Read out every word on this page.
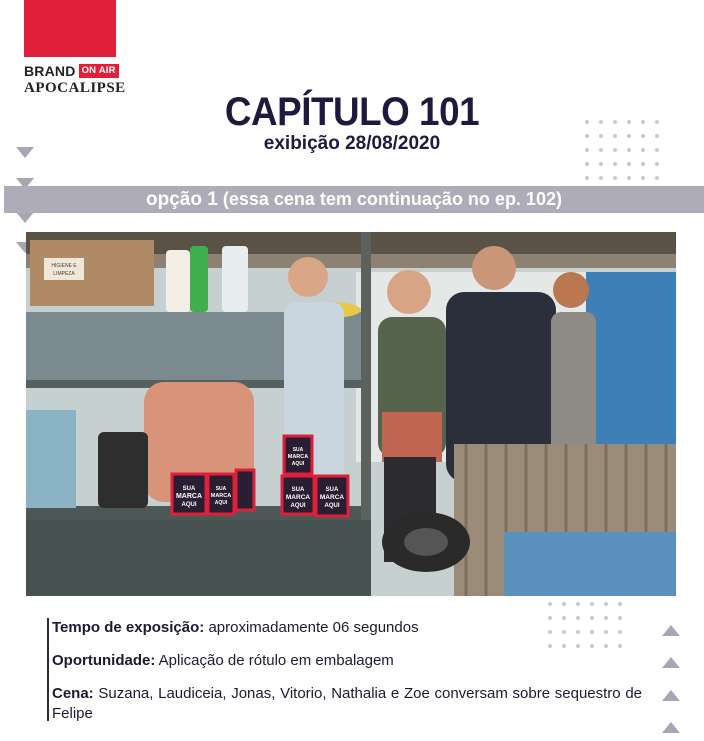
BRAND ON AIR
APOCALIPSE
CAPÍTULO 101
exibição 28/08/2020
opção 1 (essa cena tem continuação no ep. 102)
HIGIENE E
LIMPEZA
SUA
MARCA
AQUI
SUA
MARCA
AQUI
SUA
MARCA
AQUI
SUA
MARCA
AQUI
SUA
MARCA
AQUI
Tempo de exposição: aproximadamente 06 segundos
Oportunidade: Aplicação de rótulo em embalagem
Cena: Suzana, Laudiceia, Jonas, Vitorio, Nathalia e Zoe conversam sobre sequestro de Felipe
